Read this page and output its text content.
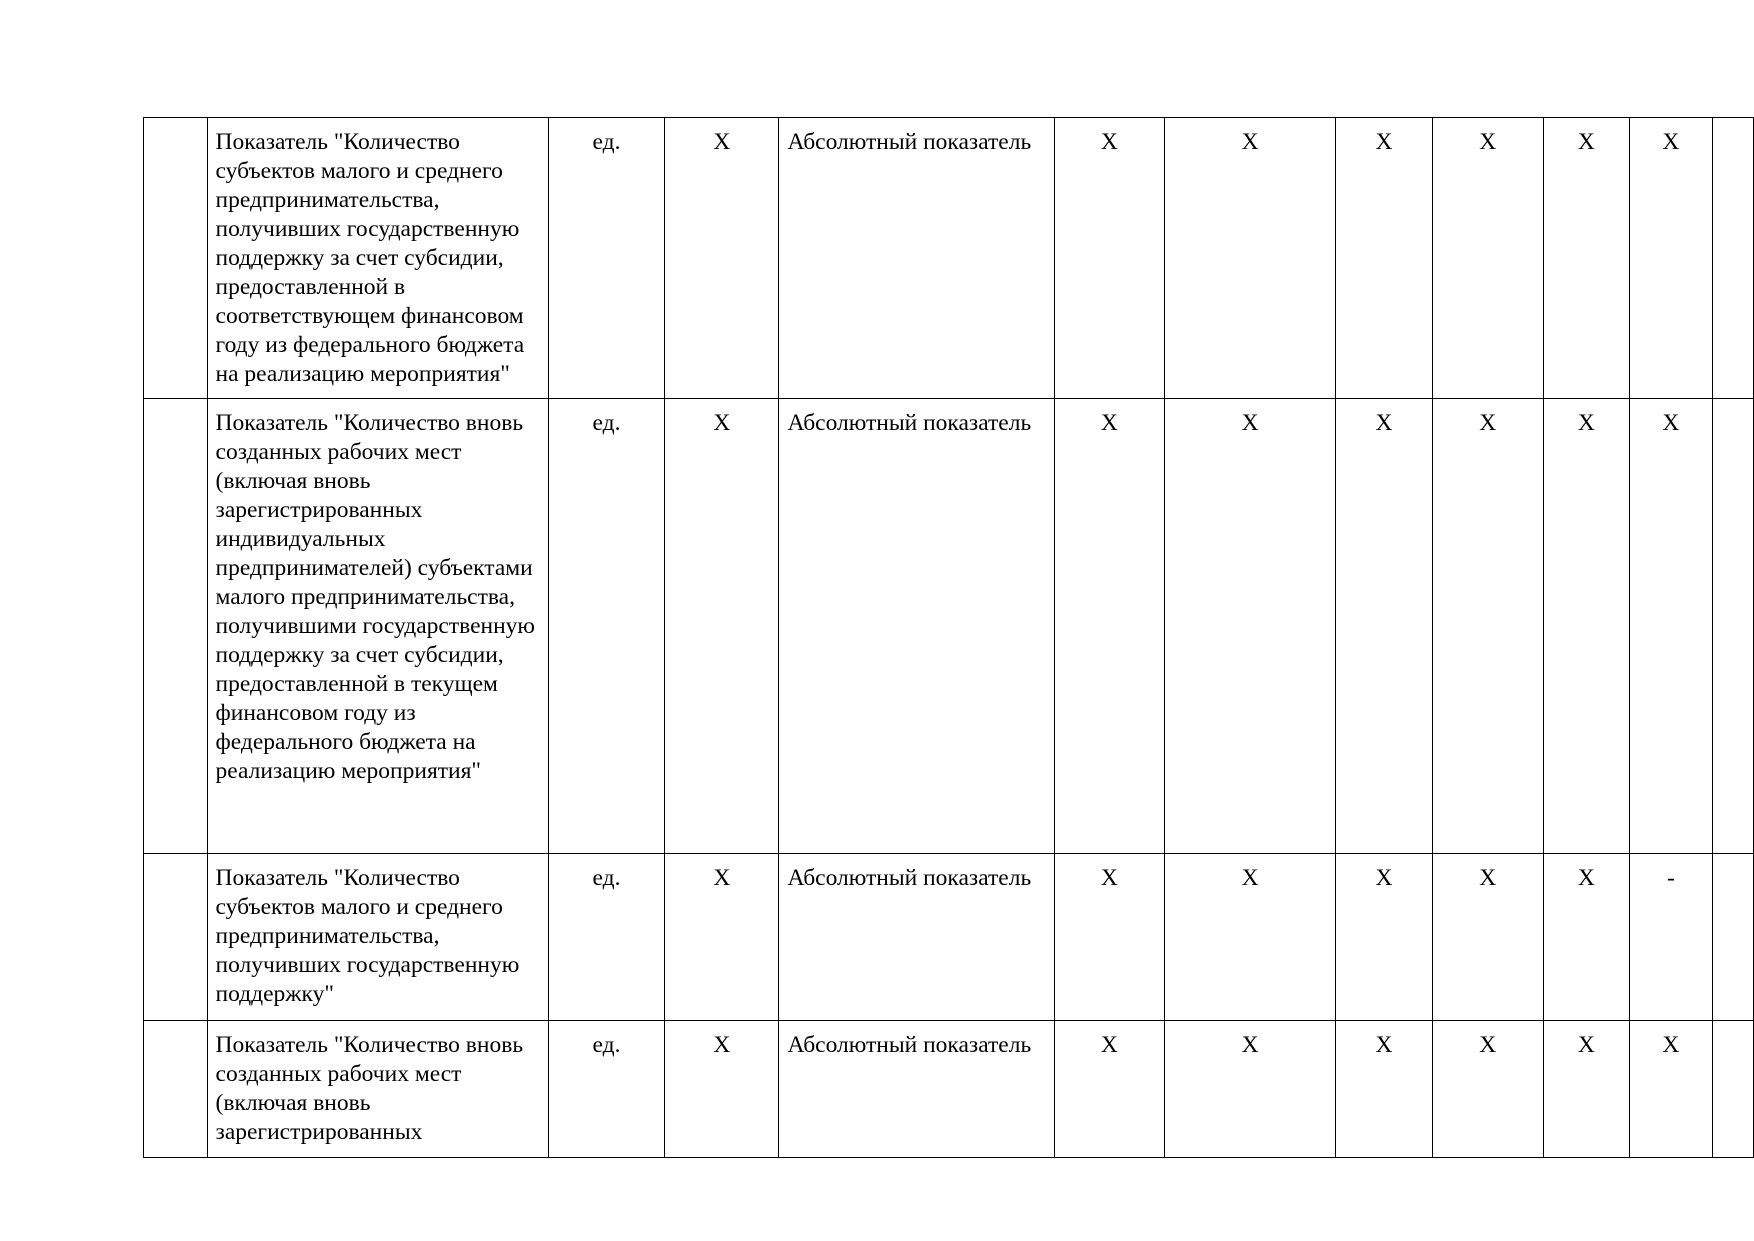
	Показатель "Количество субъектов малого и среднего предпринимательства, получивших государственную поддержку за счет субсидии, предоставленной в соответствующем финансовом году из федерального бюджета на реализацию мероприятия"	ед.	X	Абсолютный показатель	X	X	X	X	X	X	

	Показатель "Количество вновь созданных рабочих мест (включая вновь зарегистрированных индивидуальных предпринимателей) субъектами малого предпринимательства, получившими государственную поддержку за счет субсидии, предоставленной в текущем финансовом году из федерального бюджета на реализацию мероприятия"	ед.	X	Абсолютный показатель	X	X	X	X	X	X	

	Показатель "Количество субъектов малого и среднего предпринимательства, получивших государственную поддержку"	ед.	X	Абсолютный показатель	X	X	X	X	X	-	

	Показатель "Количество вновь созданных рабочих мест (включая вновь зарегистрированных	ед.	X	Абсолютный показатель	X	X	X	X	X	X	
